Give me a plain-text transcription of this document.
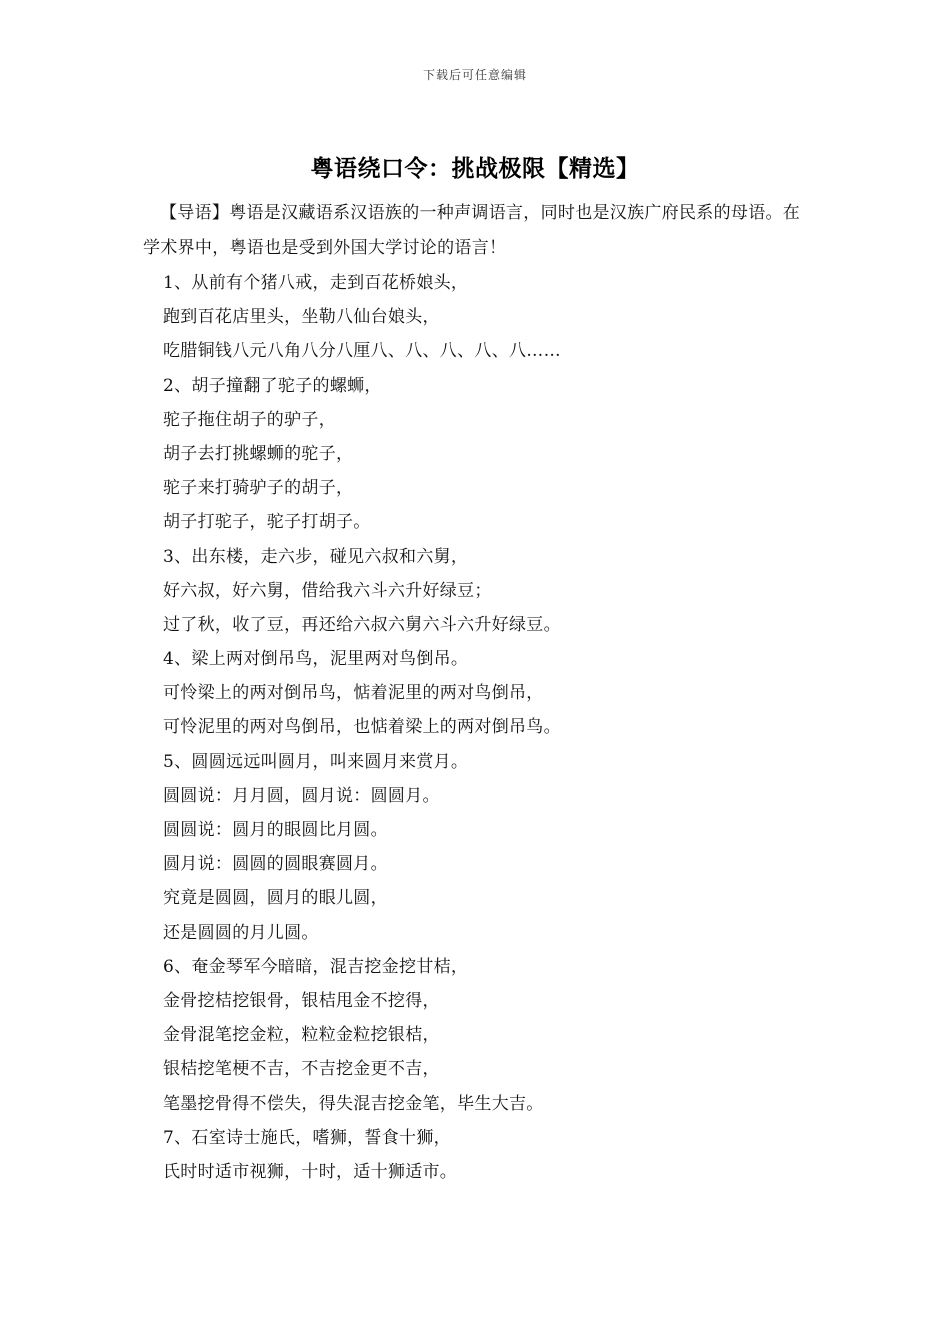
下载后可任意编辑
粤语绕口令：挑战极限【精选】
【导语】粤语是汉藏语系汉语族的一种声调语言，同时也是汉族广府民系的母语。在学术界中，粤语也是受到外国大学讨论的语言！
1、从前有个猪八戒，走到百花桥娘头，
跑到百花店里头，坐勒八仙台娘头，
吃腊铜钱八元八角八分八厘八、八、八、八、八……
2、胡子撞翻了驼子的螺蛳，
驼子拖住胡子的驴子，
胡子去打挑螺蛳的驼子，
驼子来打骑驴子的胡子，
胡子打驼子，驼子打胡子。
3、出东楼，走六步，碰见六叔和六舅，
好六叔，好六舅，借给我六斗六升好绿豆；
过了秋，收了豆，再还给六叔六舅六斗六升好绿豆。
4、梁上两对倒吊鸟，泥里两对鸟倒吊。
可怜梁上的两对倒吊鸟，惦着泥里的两对鸟倒吊，
可怜泥里的两对鸟倒吊，也惦着梁上的两对倒吊鸟。
5、圆圆远远叫圆月，叫来圆月来赏月。
圆圆说：月月圆，圆月说：圆圆月。
圆圆说：圆月的眼圆比月圆。
圆月说：圆圆的圆眼赛圆月。
究竟是圆圆，圆月的眼儿圆，
还是圆圆的月儿圆。
6、奄金琴军今暗暗，混吉挖金挖甘桔，
金骨挖桔挖银骨，银桔甩金不挖得，
金骨混笔挖金粒，粒粒金粒挖银桔，
银桔挖笔梗不吉，不吉挖金更不吉，
笔墨挖骨得不偿失，得失混吉挖金笔，毕生大吉。
7、石室诗士施氏，嗜狮，誓食十狮，
氏时时适市视狮，十时，适十狮适市。
